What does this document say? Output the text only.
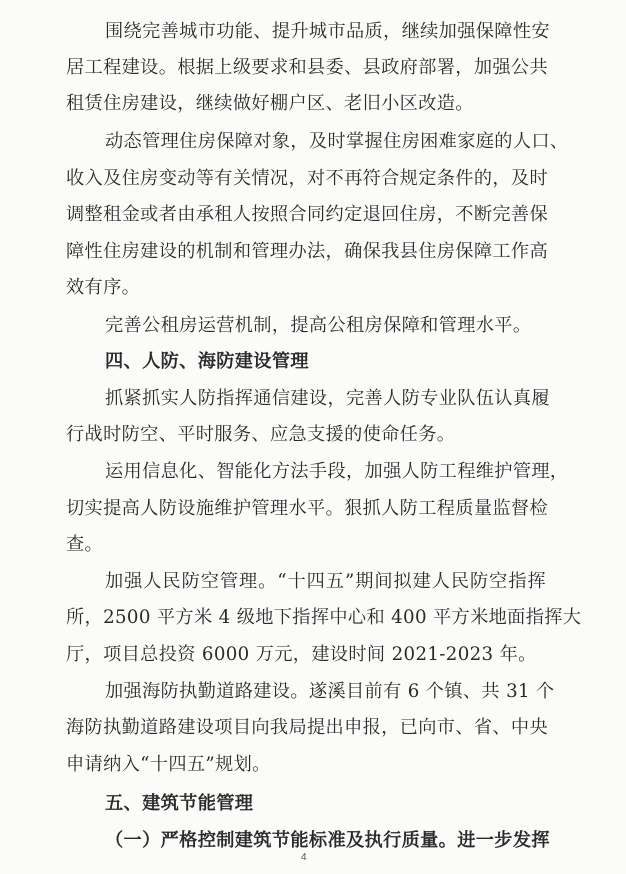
围绕完善城市功能、提升城市品质，继续加强保障性安
居工程建设。根据上级要求和县委、县政府部署，加强公共
租赁住房建设，继续做好棚户区、老旧小区改造。
动态管理住房保障对象，及时掌握住房困难家庭的人口、
收入及住房变动等有关情况，对不再符合规定条件的，及时
调整租金或者由承租人按照合同约定退回住房，不断完善保
障性住房建设的机制和管理办法，确保我县住房保障工作高
效有序。
完善公租房运营机制，提高公租房保障和管理水平。
四、人防、海防建设管理
抓紧抓实人防指挥通信建设，完善人防专业队伍认真履
行战时防空、平时服务、应急支援的使命任务。
运用信息化、智能化方法手段，加强人防工程维护管理，
切实提高人防设施维护管理水平。狠抓人防工程质量监督检
查。
加强人民防空管理。“十四五”期间拟建人民防空指挥
所，2500 平方米 4 级地下指挥中心和 400 平方米地面指挥大
厅，项目总投资 6000 万元，建设时间 2021-2023 年。
加强海防执勤道路建设。遂溪目前有 6 个镇、共 31 个
海防执勤道路建设项目向我局提出申报，已向市、省、中央
申请纳入“十四五”规划。
4
五、建筑节能管理
（一）严格控制建筑节能标准及执行质量。进一步发挥
